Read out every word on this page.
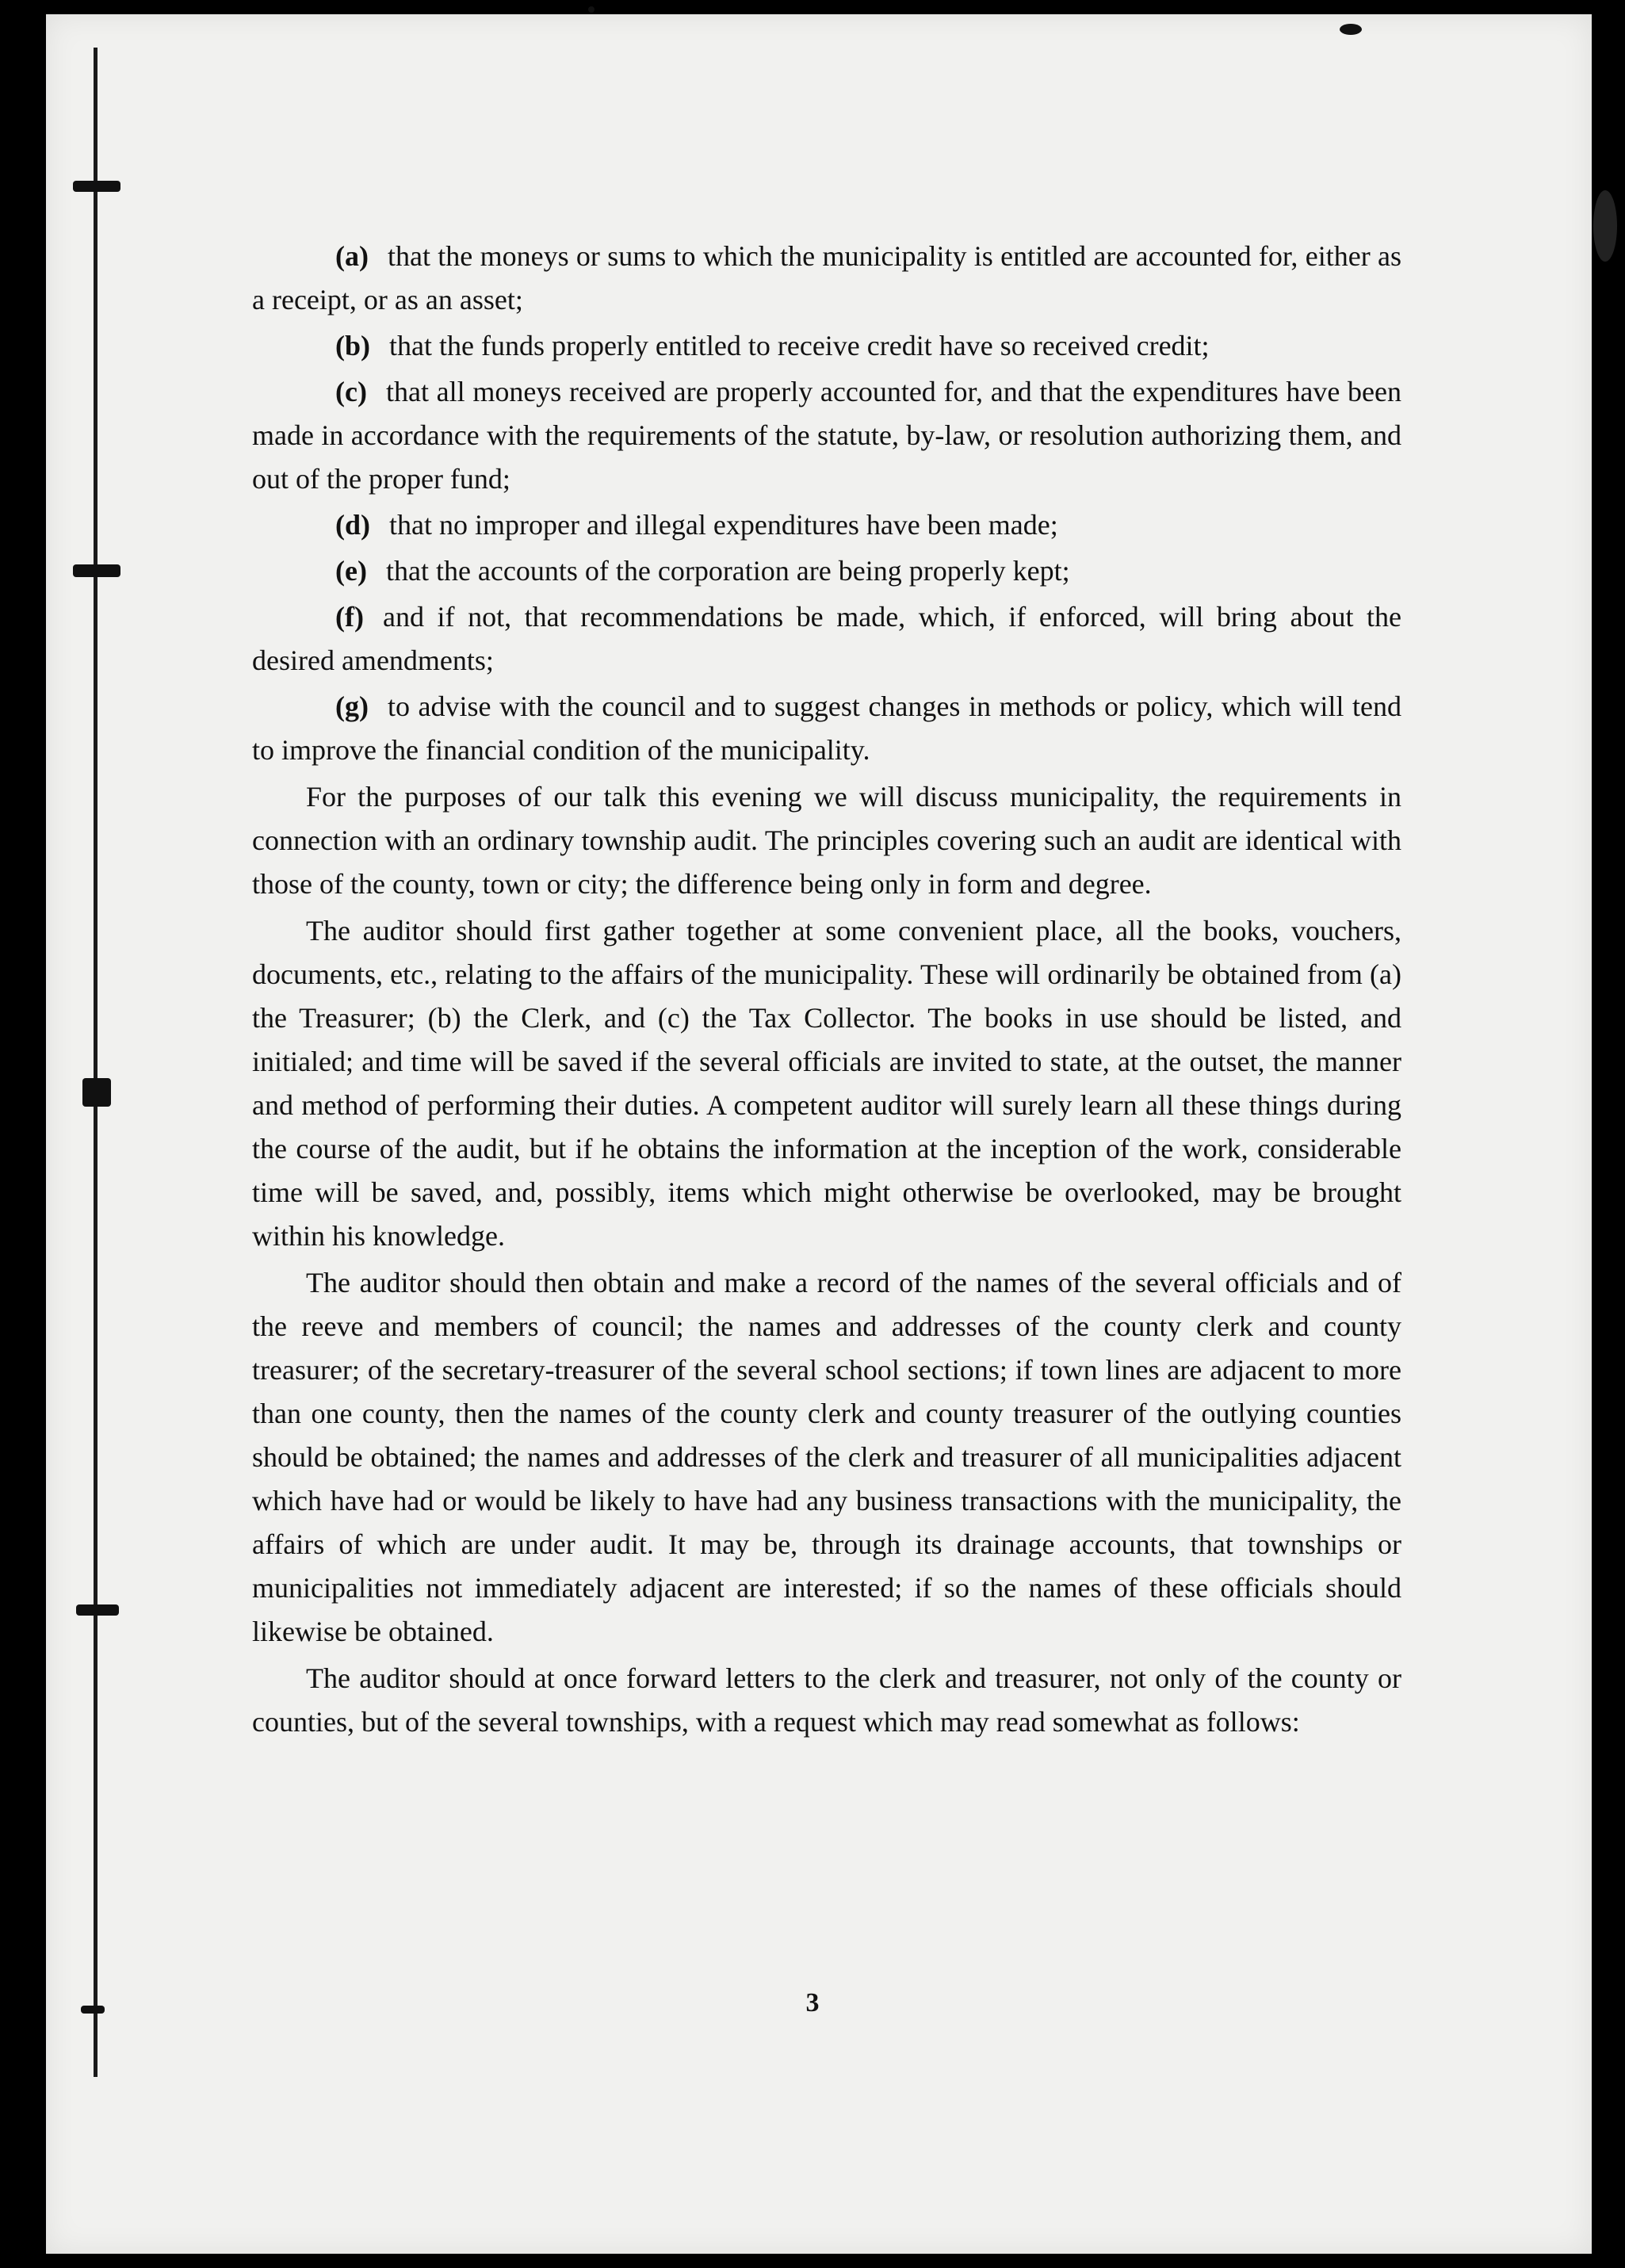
(a) that the moneys or sums to which the municipality is entitled are accounted for, either as a receipt, or as an asset;

(b) that the funds properly entitled to receive credit have so received credit;

(c) that all moneys received are properly accounted for, and that the expenditures have been made in accordance with the requirements of the statute, by-law, or resolution authorizing them, and out of the proper fund;

(d) that no improper and illegal expenditures have been made;

(e) that the accounts of the corporation are being properly kept;

(f) and if not, that recommendations be made, which, if enforced, will bring about the desired amendments;

(g) to advise with the council and to suggest changes in methods or policy, which will tend to improve the financial condition of the municipality.

For the purposes of our talk this evening we will discuss municipality, the requirements in connection with an ordinary township audit. The principles covering such an audit are identical with those of the county, town or city; the difference being only in form and degree.

The auditor should first gather together at some convenient place, all the books, vouchers, documents, etc., relating to the affairs of the municipality. These will ordinarily be obtained from (a) the Treasurer; (b) the Clerk, and (c) the Tax Collector. The books in use should be listed, and initialed; and time will be saved if the several officials are invited to state, at the outset, the manner and method of performing their duties. A competent auditor will surely learn all these things during the course of the audit, but if he obtains the information at the inception of the work, considerable time will be saved, and, possibly, items which might otherwise be overlooked, may be brought within his knowledge.

The auditor should then obtain and make a record of the names of the several officials and of the reeve and members of council; the names and addresses of the county clerk and county treasurer; of the secretary-treasurer of the several school sections; if town lines are adjacent to more than one county, then the names of the county clerk and county treasurer of the outlying counties should be obtained; the names and addresses of the clerk and treasurer of all municipalities adjacent which have had or would be likely to have had any business transactions with the municipality, the affairs of which are under audit. It may be, through its drainage accounts, that townships or municipalities not immediately adjacent are interested; if so the names of these officials should likewise be obtained.

The auditor should at once forward letters to the clerk and treasurer, not only of the county or counties, but of the several townships, with a request which may read somewhat as follows:

3
